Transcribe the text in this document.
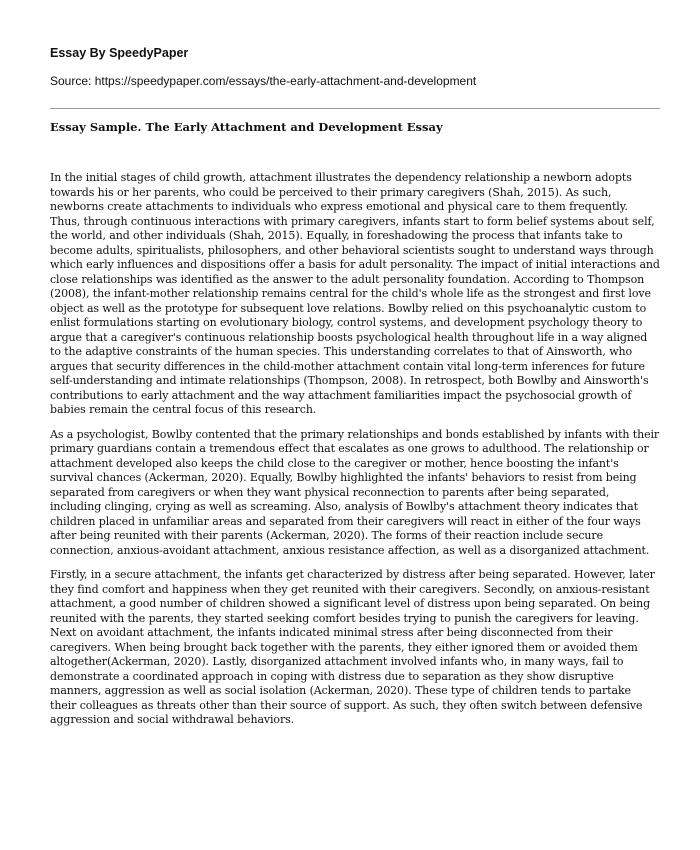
Essay By SpeedyPaper
Source: https://speedypaper.com/essays/the-early-attachment-and-development
Essay Sample. The Early Attachment and Development Essay

In the initial stages of child growth, attachment illustrates the dependency relationship a newborn adopts towards his or her parents, who could be perceived to their primary caregivers (Shah, 2015). As such, newborns create attachments to individuals who express emotional and physical care to them frequently. Thus, through continuous interactions with primary caregivers, infants start to form belief systems about self, the world, and other individuals (Shah, 2015). Equally, in foreshadowing the process that infants take to become adults, spiritualists, philosophers, and other behavioral scientists sought to understand ways through which early influences and dispositions offer a basis for adult personality. The impact of initial interactions and close relationships was identified as the answer to the adult personality foundation. According to Thompson (2008), the infant-mother relationship remains central for the child's whole life as the strongest and first love object as well as the prototype for subsequent love relations. Bowlby relied on this psychoanalytic custom to enlist formulations starting on evolutionary biology, control systems, and development psychology theory to argue that a caregiver's continuous relationship boosts psychological health throughout life in a way aligned to the adaptive constraints of the human species. This understanding correlates to that of Ainsworth, who argues that security differences in the child-mother attachment contain vital long-term inferences for future self-understanding and intimate relationships (Thompson, 2008). In retrospect, both Bowlby and Ainsworth's contributions to early attachment and the way attachment familiarities impact the psychosocial growth of babies remain the central focus of this research.

As a psychologist, Bowlby contented that the primary relationships and bonds established by infants with their primary guardians contain a tremendous effect that escalates as one grows to adulthood. The relationship or attachment developed also keeps the child close to the caregiver or mother, hence boosting the infant's survival chances (Ackerman, 2020). Equally, Bowlby highlighted the infants' behaviors to resist from being separated from caregivers or when they want physical reconnection to parents after being separated, including clinging, crying as well as screaming. Also, analysis of Bowlby's attachment theory indicates that children placed in unfamiliar areas and separated from their caregivers will react in either of the four ways after being reunited with their parents (Ackerman, 2020). The forms of their reaction include secure connection, anxious-avoidant attachment, anxious resistance affection, as well as a disorganized attachment.

Firstly, in a secure attachment, the infants get characterized by distress after being separated. However, later they find comfort and happiness when they get reunited with their caregivers. Secondly, on anxious-resistant attachment, a good number of children showed a significant level of distress upon being separated. On being reunited with the parents, they started seeking comfort besides trying to punish the caregivers for leaving. Next on avoidant attachment, the infants indicated minimal stress after being disconnected from their caregivers. When being brought back together with the parents, they either ignored them or avoided them altogether(Ackerman, 2020). Lastly, disorganized attachment involved infants who, in many ways, fail to demonstrate a coordinated approach in coping with distress due to separation as they show disruptive manners, aggression as well as social isolation (Ackerman, 2020). These type of children tends to partake their colleagues as threats other than their source of support. As such, they often switch between defensive aggression and social withdrawal behaviors.
